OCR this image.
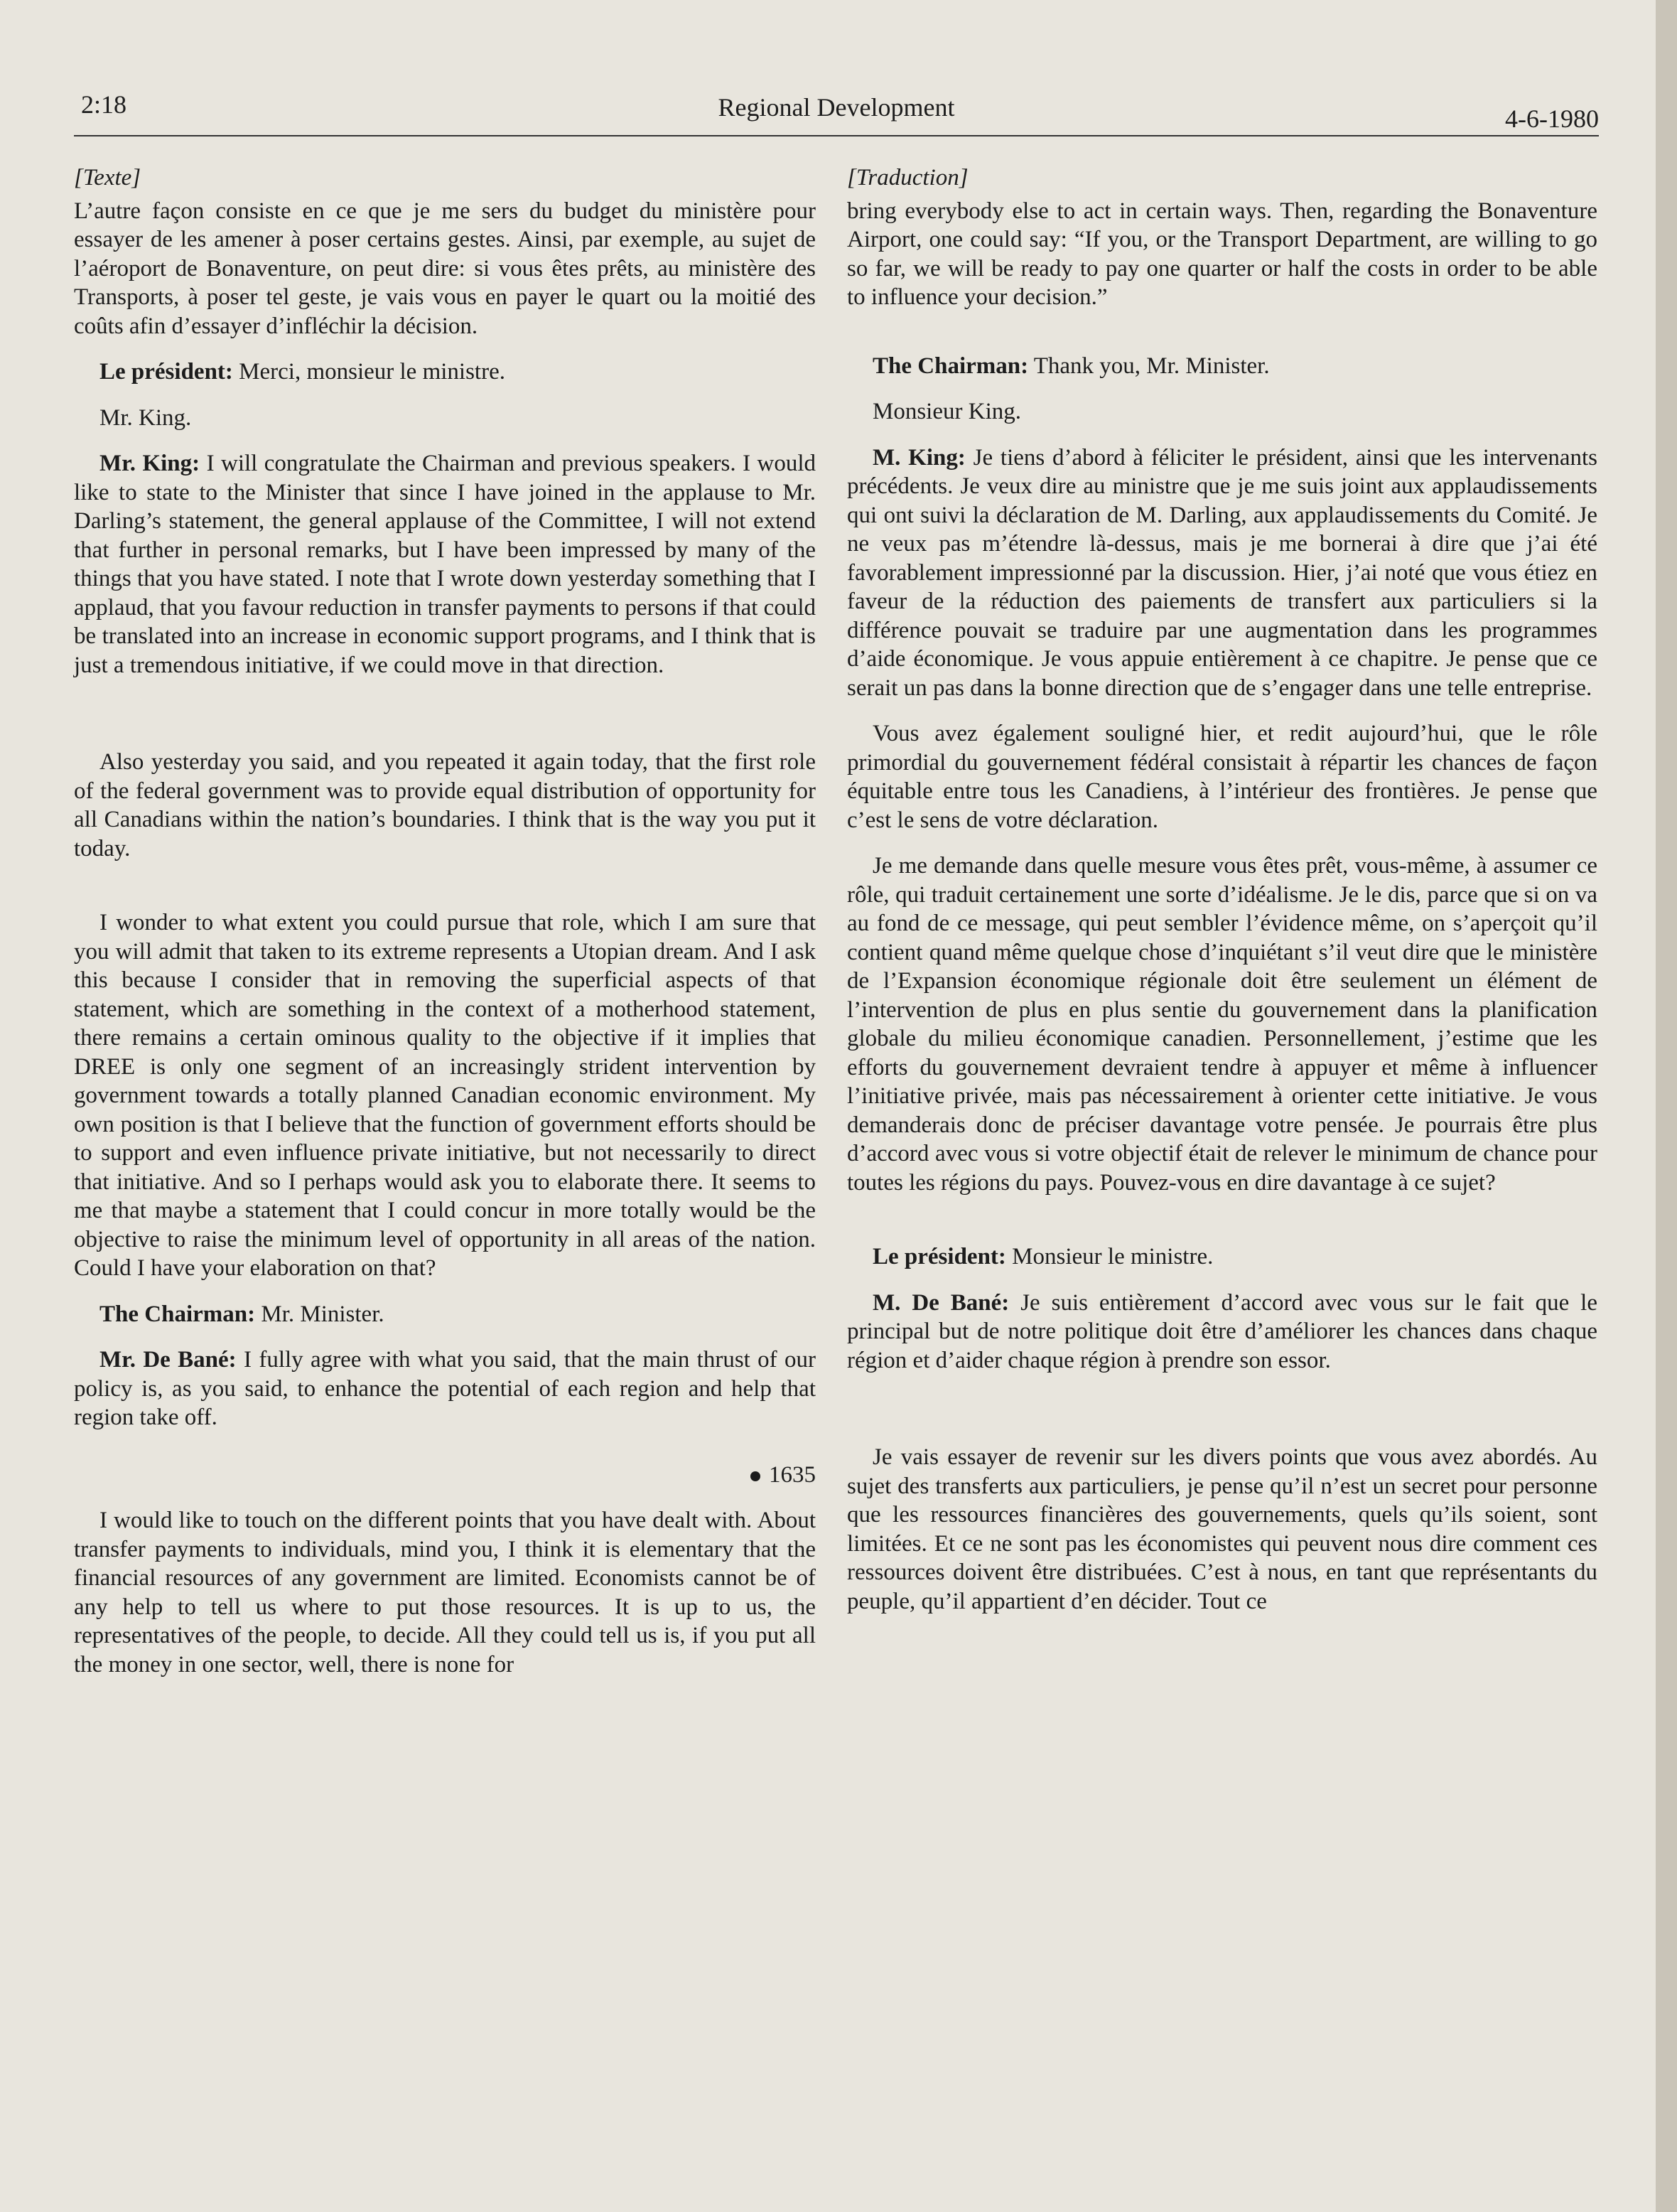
2:18	Regional Development	4-6-1980
[Texte]

L’autre façon consiste en ce que je me sers du budget du ministère pour essayer de les amener à poser certains gestes. Ainsi, par exemple, au sujet de l’aéroport de Bonaventure, on peut dire: si vous êtes prêts, au ministère des Transports, à poser tel geste, je vais vous en payer le quart ou la moitié des coûts afin d’essayer d’infléchir la décision.

Le président: Merci, monsieur le ministre.

Mr. King.

Mr. King: I will congratulate the Chairman and previous speakers. I would like to state to the Minister that since I have joined in the applause to Mr. Darling’s statement, the general applause of the Committee, I will not extend that further in personal remarks, but I have been impressed by many of the things that you have stated. I note that I wrote down yesterday something that I applaud, that you favour reduction in transfer payments to persons if that could be translated into an increase in economic support programs, and I think that is just a tremendous initiative, if we could move in that direction.

Also yesterday you said, and you repeated it again today, that the first role of the federal government was to provide equal distribution of opportunity for all Canadians within the nation’s boundaries. I think that is the way you put it today.

I wonder to what extent you could pursue that role, which I am sure that you will admit that taken to its extreme represents a Utopian dream. And I ask this because I consider that in removing the superficial aspects of that statement, which are something in the context of a motherhood statement, there remains a certain ominous quality to the objective if it implies that DREE is only one segment of an increasingly strident intervention by government towards a totally planned Canadian economic environment. My own position is that I believe that the function of government efforts should be to support and even influence private initiative, but not necessarily to direct that initiative. And so I perhaps would ask you to elaborate there. It seems to me that maybe a statement that I could concur in more totally would be the objective to raise the minimum level of opportunity in all areas of the nation. Could I have your elaboration on that?

The Chairman: Mr. Minister.

Mr. De Bané: I fully agree with what you said, that the main thrust of our policy is, as you said, to enhance the potential of each region and help that region take off.

1635

I would like to touch on the different points that you have dealt with. About transfer payments to individuals, mind you, I think it is elementary that the financial resources of any government are limited. Economists cannot be of any help to tell us where to put those resources. It is up to us, the representatives of the people, to decide. All they could tell us is, if you put all the money in one sector, well, there is none for

[Traduction]

bring everybody else to act in certain ways. Then, regarding the Bonaventure Airport, one could say: “If you, or the Transport Department, are willing to go so far, we will be ready to pay one quarter or half the costs in order to be able to influence your decision.”

The Chairman: Thank you, Mr. Minister.

Monsieur King.

M. King: Je tiens d’abord à féliciter le président, ainsi que les intervenants précédents. Je veux dire au ministre que je me suis joint aux applaudissements qui ont suivi la déclaration de M. Darling, aux applaudissements du Comité. Je ne veux pas m’étendre là-dessus, mais je me bornerai à dire que j’ai été favorablement impressionné par la discussion. Hier, j’ai noté que vous étiez en faveur de la réduction des paiements de transfert aux particuliers si la différence pouvait se traduire par une augmentation dans les programmes d’aide économique. Je vous appuie entièrement à ce chapitre. Je pense que ce serait un pas dans la bonne direction que de s’engager dans une telle entreprise.

Vous avez également souligné hier, et redit aujourd’hui, que le rôle primordial du gouvernement fédéral consistait à répartir les chances de façon équitable entre tous les Canadiens, à l’intérieur des frontières. Je pense que c’est le sens de votre déclaration.

Je me demande dans quelle mesure vous êtes prêt, vous-même, à assumer ce rôle, qui traduit certainement une sorte d’idéalisme. Je le dis, parce que si on va au fond de ce message, qui peut sembler l’évidence même, on s’aperçoit qu’il contient quand même quelque chose d’inquiétant s’il veut dire que le ministère de l’Expansion économique régionale doit être seulement un élément de l’intervention de plus en plus sentie du gouvernement dans la planification globale du milieu économique canadien. Personnellement, j’estime que les efforts du gouvernement devraient tendre à appuyer et même à influencer l’initiative privée, mais pas nécessairement à orienter cette initiative. Je vous demanderais donc de préciser davantage votre pensée. Je pourrais être plus d’accord avec vous si votre objectif était de relever le minimum de chance pour toutes les régions du pays. Pouvez-vous en dire davantage à ce sujet?

Le président: Monsieur le ministre.

M. De Bané: Je suis entièrement d’accord avec vous sur le fait que le principal but de notre politique doit être d’améliorer les chances dans chaque région et d’aider chaque région à prendre son essor.

Je vais essayer de revenir sur les divers points que vous avez abordés. Au sujet des transferts aux particuliers, je pense qu’il n’est un secret pour personne que les ressources financières des gouvernements, quels qu’ils soient, sont limitées. Et ce ne sont pas les économistes qui peuvent nous dire comment ces ressources doivent être distribuées. C’est à nous, en tant que représentants du peuple, qu’il appartient d’en décider. Tout ce
